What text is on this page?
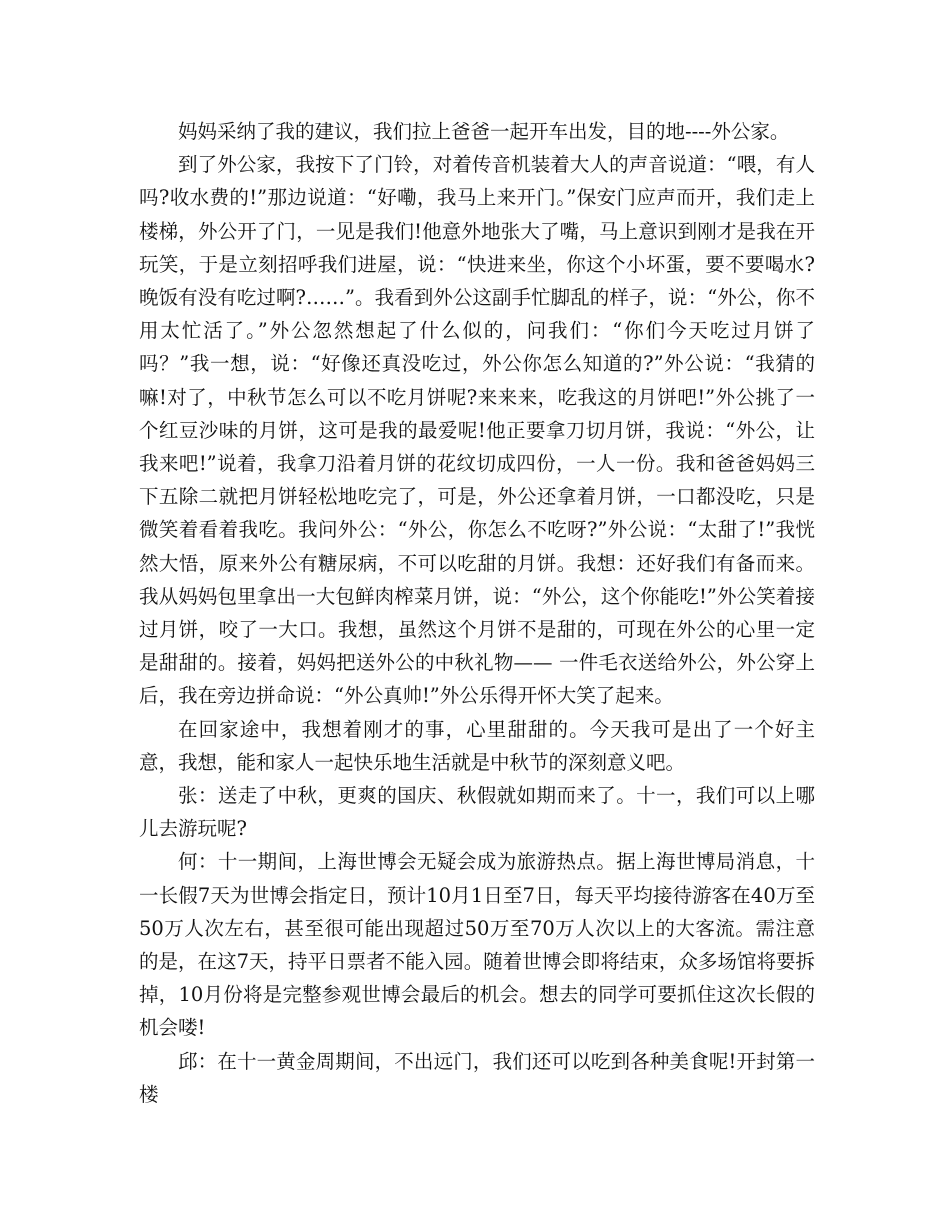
妈妈采纳了我的建议，我们拉上爸爸一起开车出发，目的地----外公家。

到了外公家，我按下了门铃，对着传音机装着大人的声音说道：“喂，有人吗?收水费的!”那边说道：“好嘞，我马上来开门。”保安门应声而开，我们走上楼梯，外公开了门，一见是我们!他意外地张大了嘴，马上意识到刚才是我在开玩笑，于是立刻招呼我们进屋，说：“快进来坐，你这个小坏蛋，要不要喝水?晚饭有没有吃过啊?……”。我看到外公这副手忙脚乱的样子，说：“外公，你不用太忙活了。”外公忽然想起了什么似的，问我们：“你们今天吃过月饼了吗？”我一想，说：“好像还真没吃过，外公你怎么知道的?”外公说：“我猜的嘛!对了，中秋节怎么可以不吃月饼呢?来来来，吃我这的月饼吧!”外公挑了一个红豆沙味的月饼，这可是我的最爱呢!他正要拿刀切月饼，我说：“外公，让我来吧!”说着，我拿刀沿着月饼的花纹切成四份，一人一份。我和爸爸妈妈三下五除二就把月饼轻松地吃完了，可是，外公还拿着月饼，一口都没吃，只是微笑着看着我吃。我问外公：“外公，你怎么不吃呀?”外公说：“太甜了!”我恍然大悟，原来外公有糖尿病，不可以吃甜的月饼。我想：还好我们有备而来。我从妈妈包里拿出一大包鲜肉榨菜月饼，说：“外公，这个你能吃!”外公笑着接过月饼，咬了一大口。我想，虽然这个月饼不是甜的，可现在外公的心里一定是甜甜的。接着，妈妈把送外公的中秋礼物—— 一件毛衣送给外公，外公穿上后，我在旁边拼命说：“外公真帅!”外公乐得开怀大笑了起来。

在回家途中，我想着刚才的事，心里甜甜的。今天我可是出了一个好主意，我想，能和家人一起快乐地生活就是中秋节的深刻意义吧。

张：送走了中秋，更爽的国庆、秋假就如期而来了。十一，我们可以上哪儿去游玩呢?

何：十一期间，上海世博会无疑会成为旅游热点。据上海世博局消息，十一长假7天为世博会指定日，预计10月1日至7日，每天平均接待游客在40万至50万人次左右，甚至很可能出现超过50万至70万人次以上的大客流。需注意的是，在这7天，持平日票者不能入园。随着世博会即将结束，众多场馆将要拆掉，10月份将是完整参观世博会最后的机会。想去的同学可要抓住这次长假的机会喽!

邱：在十一黄金周期间，不出远门，我们还可以吃到各种美食呢!开封第一楼
